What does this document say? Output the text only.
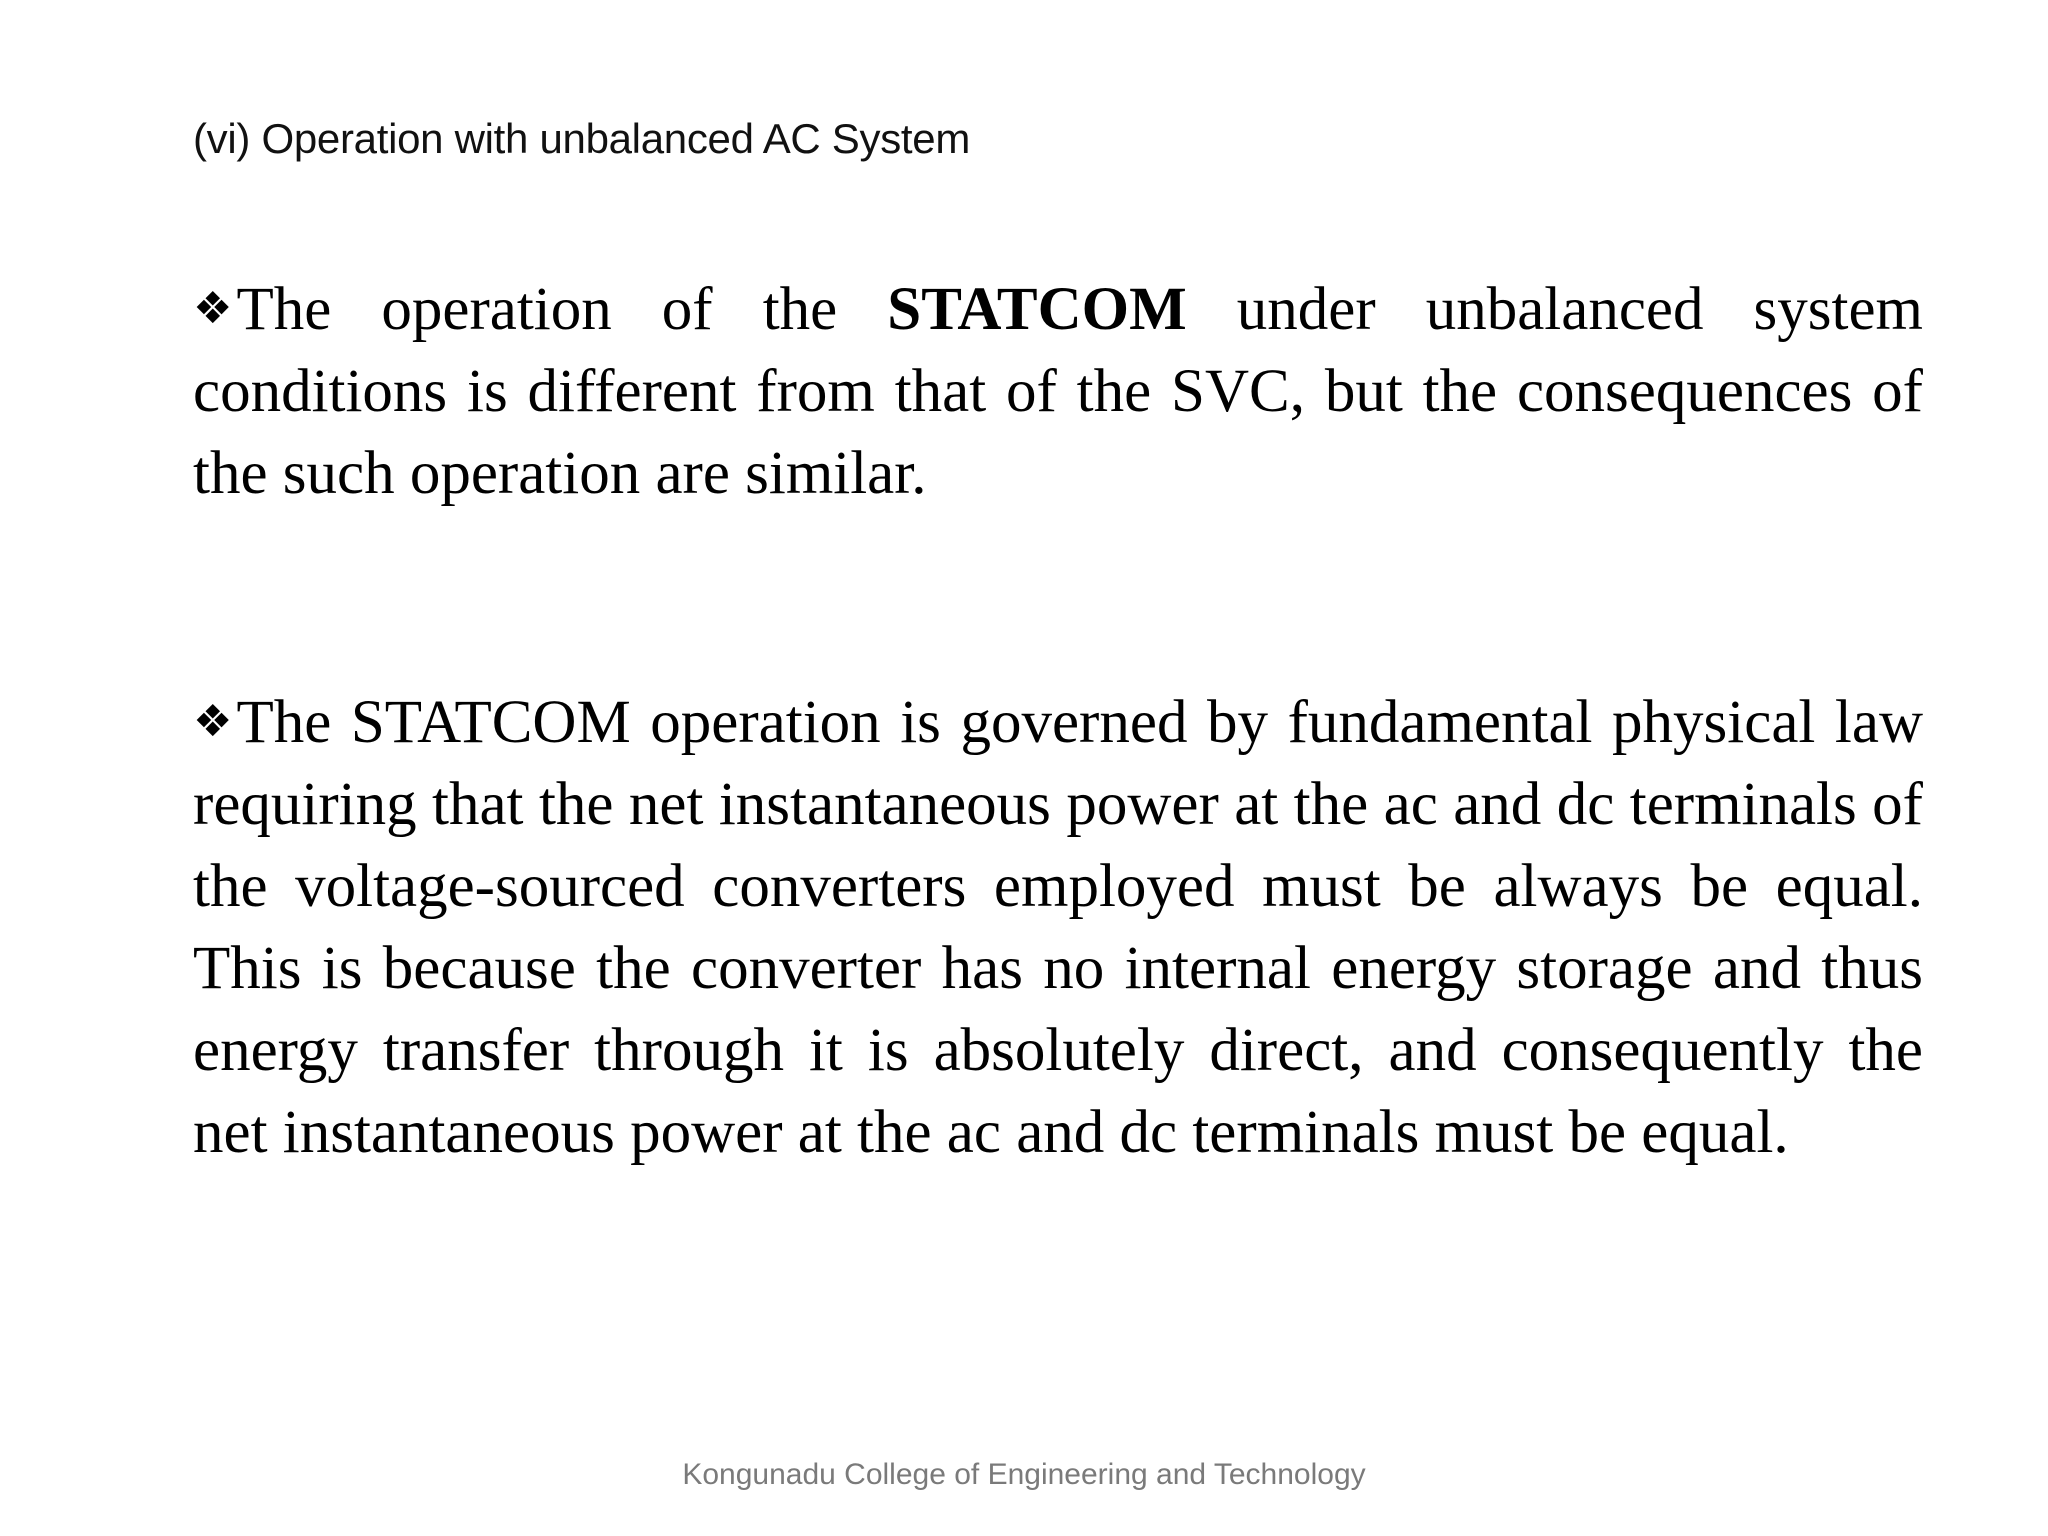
(vi) Operation with unbalanced AC System

❖The operation of the STATCOM under unbalanced system conditions is different from that of the SVC, but the consequences of the such operation are similar.

❖The STATCOM operation is governed by fundamental physical law requiring that the net instantaneous power at the ac and dc terminals of the voltage-sourced converters employed must be always be equal. This is because the converter has no internal energy storage and thus energy transfer through it is absolutely direct, and consequently the net instantaneous power at the ac and dc terminals must be equal.

Kongunadu College of Engineering and Technology
